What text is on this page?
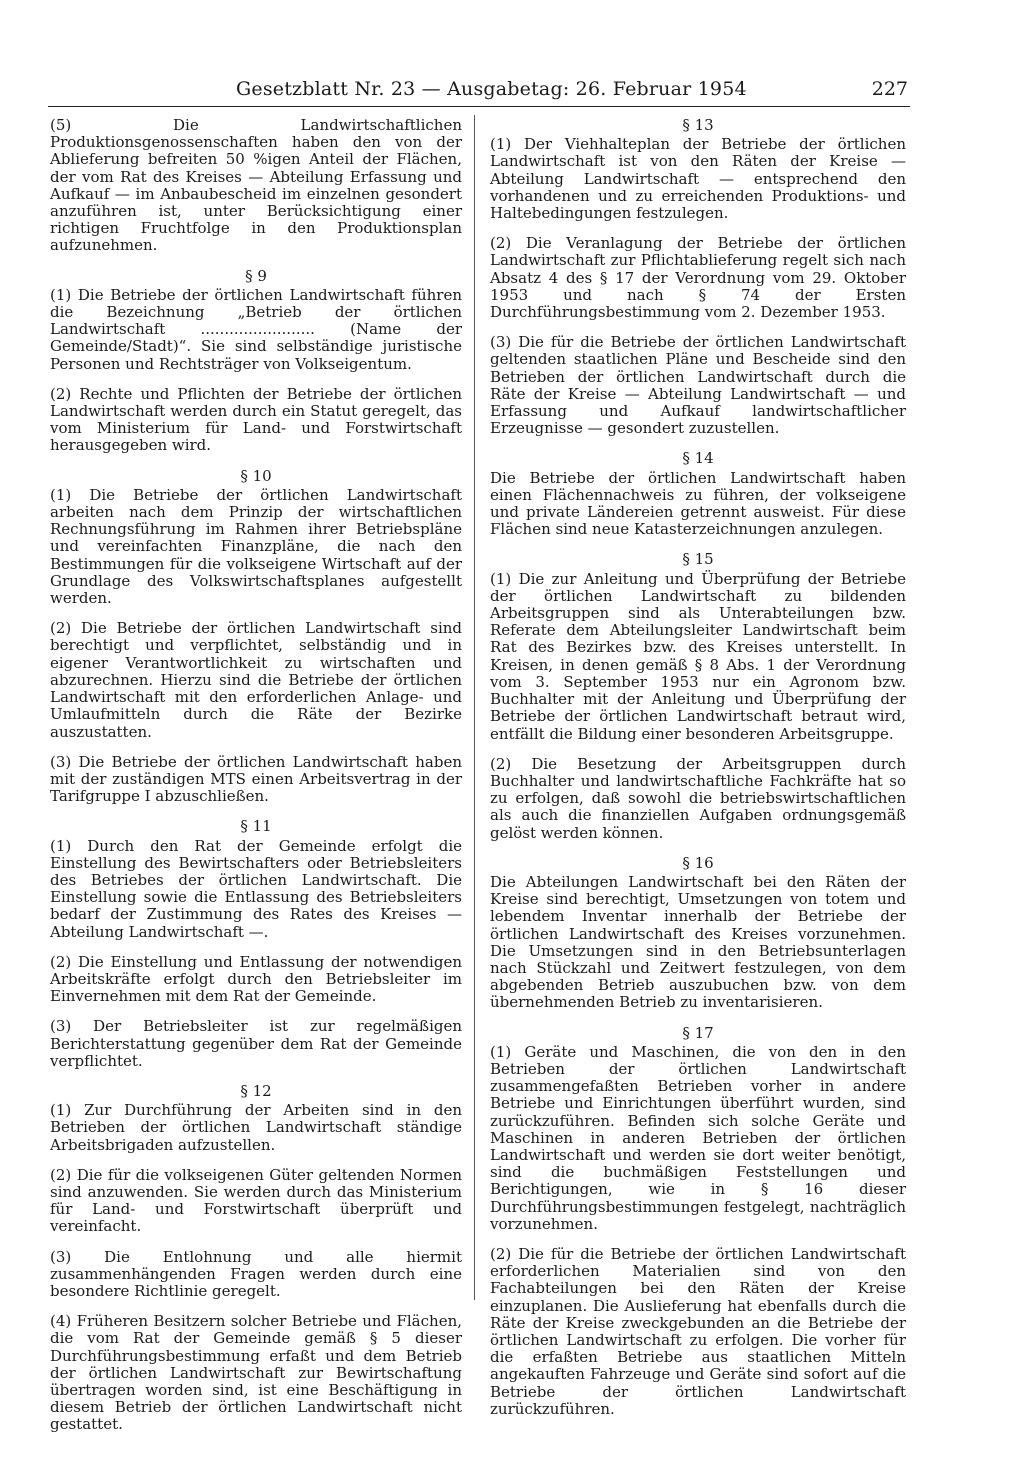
Gesetzblatt Nr. 23 — Ausgabetag: 26. Februar 1954	227

(5) Die Landwirtschaftlichen Produktionsgenossenschaften haben den von der Ablieferung befreiten 50 %igen Anteil der Flächen, der vom Rat des Kreises — Abteilung Erfassung und Aufkauf — im Anbaubescheid im einzelnen gesondert anzuführen ist, unter Berücksichtigung einer richtigen Fruchtfolge in den Produktionsplan aufzunehmen.

§ 9

(1) Die Betriebe der örtlichen Landwirtschaft führen die Bezeichnung „Betrieb der örtlichen Landwirtschaft ........................ (Name der Gemeinde/Stadt)“. Sie sind selbständige juristische Personen und Rechtsträger von Volkseigentum.

(2) Rechte und Pflichten der Betriebe der örtlichen Landwirtschaft werden durch ein Statut geregelt, das vom Ministerium für Land- und Forstwirtschaft herausgegeben wird.

§ 10

(1) Die Betriebe der örtlichen Landwirtschaft arbeiten nach dem Prinzip der wirtschaftlichen Rechnungsführung im Rahmen ihrer Betriebspläne und vereinfachten Finanzpläne, die nach den Bestimmungen für die volkseigene Wirtschaft auf der Grundlage des Volkswirtschaftsplanes aufgestellt werden.

(2) Die Betriebe der örtlichen Landwirtschaft sind berechtigt und verpflichtet, selbständig und in eigener Verantwortlichkeit zu wirtschaften und abzurechnen. Hierzu sind die Betriebe der örtlichen Landwirtschaft mit den erforderlichen Anlage- und Umlaufmitteln durch die Räte der Bezirke auszustatten.

(3) Die Betriebe der örtlichen Landwirtschaft haben mit der zuständigen MTS einen Arbeitsvertrag in der Tarifgruppe I abzuschließen.

§ 11

(1) Durch den Rat der Gemeinde erfolgt die Einstellung des Bewirtschafters oder Betriebsleiters des Betriebes der örtlichen Landwirtschaft. Die Einstellung sowie die Entlassung des Betriebsleiters bedarf der Zustimmung des Rates des Kreises — Abteilung Landwirtschaft —.

(2) Die Einstellung und Entlassung der notwendigen Arbeitskräfte erfolgt durch den Betriebsleiter im Einvernehmen mit dem Rat der Gemeinde.

(3) Der Betriebsleiter ist zur regelmäßigen Berichterstattung gegenüber dem Rat der Gemeinde verpflichtet.

§ 12

(1) Zur Durchführung der Arbeiten sind in den Betrieben der örtlichen Landwirtschaft ständige Arbeitsbrigaden aufzustellen.

(2) Die für die volkseigenen Güter geltenden Normen sind anzuwenden. Sie werden durch das Ministerium für Land- und Forstwirtschaft überprüft und vereinfacht.

(3) Die Entlohnung und alle hiermit zusammenhängenden Fragen werden durch eine besondere Richtlinie geregelt.

(4) Früheren Besitzern solcher Betriebe und Flächen, die vom Rat der Gemeinde gemäß § 5 dieser Durchführungsbestimmung erfaßt und dem Betrieb der örtlichen Landwirtschaft zur Bewirtschaftung übertragen worden sind, ist eine Beschäftigung in diesem Betrieb der örtlichen Landwirtschaft nicht gestattet.

§ 13

(1) Der Viehhalteplan der Betriebe der örtlichen Landwirtschaft ist von den Räten der Kreise — Abteilung Landwirtschaft — entsprechend den vorhandenen und zu erreichenden Produktions- und Haltebedingungen festzulegen.

(2) Die Veranlagung der Betriebe der örtlichen Landwirtschaft zur Pflichtablieferung regelt sich nach Absatz 4 des § 17 der Verordnung vom 29. Oktober 1953 und nach § 74 der Ersten Durchführungsbestimmung vom 2. Dezember 1953.

(3) Die für die Betriebe der örtlichen Landwirtschaft geltenden staatlichen Pläne und Bescheide sind den Betrieben der örtlichen Landwirtschaft durch die Räte der Kreise — Abteilung Landwirtschaft — und Erfassung und Aufkauf landwirtschaftlicher Erzeugnisse — gesondert zuzustellen.

§ 14

Die Betriebe der örtlichen Landwirtschaft haben einen Flächennachweis zu führen, der volkseigene und private Ländereien getrennt ausweist. Für diese Flächen sind neue Katasterzeichnungen anzulegen.

§ 15

(1) Die zur Anleitung und Überprüfung der Betriebe der örtlichen Landwirtschaft zu bildenden Arbeitsgruppen sind als Unterabteilungen bzw. Referate dem Abteilungsleiter Landwirtschaft beim Rat des Bezirkes bzw. des Kreises unterstellt. In Kreisen, in denen gemäß § 8 Abs. 1 der Verordnung vom 3. September 1953 nur ein Agronom bzw. Buchhalter mit der Anleitung und Überprüfung der Betriebe der örtlichen Landwirtschaft betraut wird, entfällt die Bildung einer besonderen Arbeitsgruppe.

(2) Die Besetzung der Arbeitsgruppen durch Buchhalter und landwirtschaftliche Fachkräfte hat so zu erfolgen, daß sowohl die betriebswirtschaftlichen als auch die finanziellen Aufgaben ordnungsgemäß gelöst werden können.

§ 16

Die Abteilungen Landwirtschaft bei den Räten der Kreise sind berechtigt, Umsetzungen von totem und lebendem Inventar innerhalb der Betriebe der örtlichen Landwirtschaft des Kreises vorzunehmen. Die Umsetzungen sind in den Betriebsunterlagen nach Stückzahl und Zeitwert festzulegen, von dem abgebenden Betrieb auszubuchen bzw. von dem übernehmenden Betrieb zu inventarisieren.

§ 17

(1) Geräte und Maschinen, die von den in den Betrieben der örtlichen Landwirtschaft zusammengefaßten Betrieben vorher in andere Betriebe und Einrichtungen überführt wurden, sind zurückzuführen. Befinden sich solche Geräte und Maschinen in anderen Betrieben der örtlichen Landwirtschaft und werden sie dort weiter benötigt, sind die buchmäßigen Feststellungen und Berichtigungen, wie in § 16 dieser Durchführungsbestimmungen festgelegt, nachträglich vorzunehmen.

(2) Die für die Betriebe der örtlichen Landwirtschaft erforderlichen Materialien sind von den Fachabteilungen bei den Räten der Kreise einzuplanen. Die Auslieferung hat ebenfalls durch die Räte der Kreise zweckgebunden an die Betriebe der örtlichen Landwirtschaft zu erfolgen. Die vorher für die erfaßten Betriebe aus staatlichen Mitteln angekauften Fahrzeuge und Geräte sind sofort auf die Betriebe der örtlichen Landwirtschaft zurückzuführen.
